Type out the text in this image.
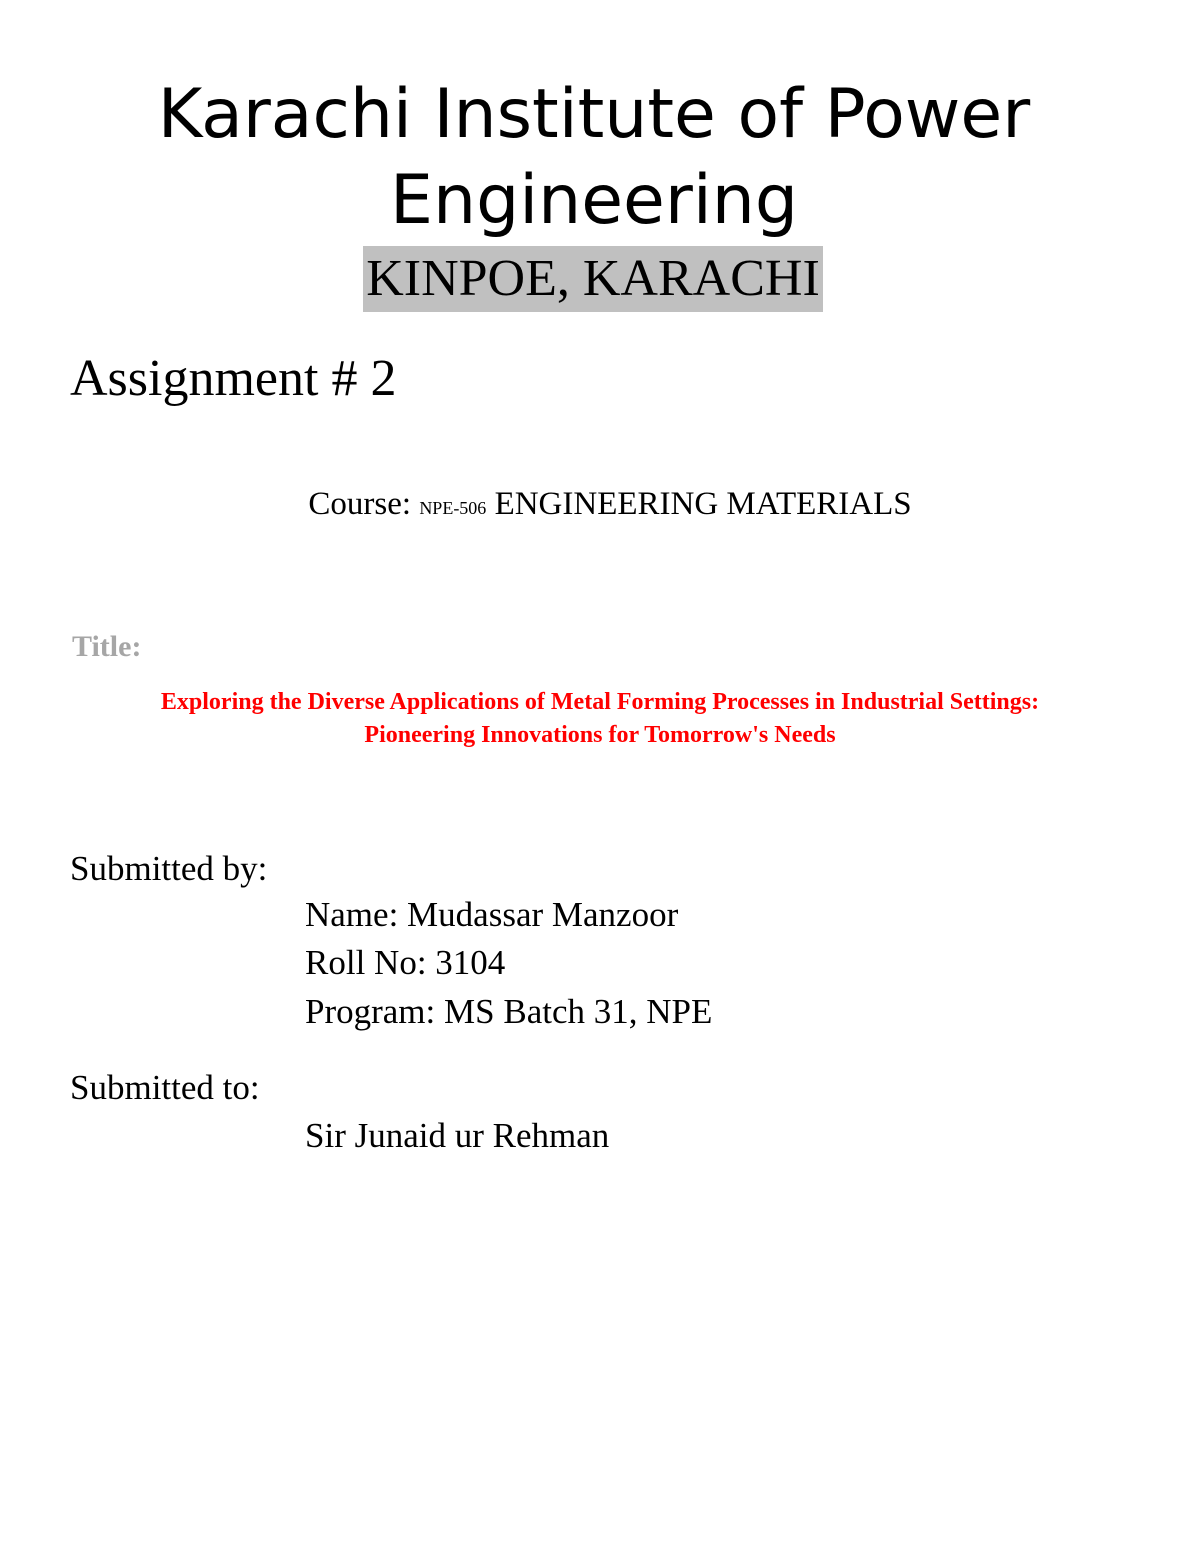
Karachi Institute of Power
Engineering
KINPOE, KARACHI
Assignment # 2
Course: NPE-506 ENGINEERING MATERIALS
Title:
Exploring the Diverse Applications of Metal Forming Processes in Industrial Settings:
Pioneering Innovations for Tomorrow's Needs
Submitted by:
Name: Mudassar Manzoor
Roll No: 3104
Program: MS Batch 31, NPE
Submitted to:
Sir Junaid ur Rehman
